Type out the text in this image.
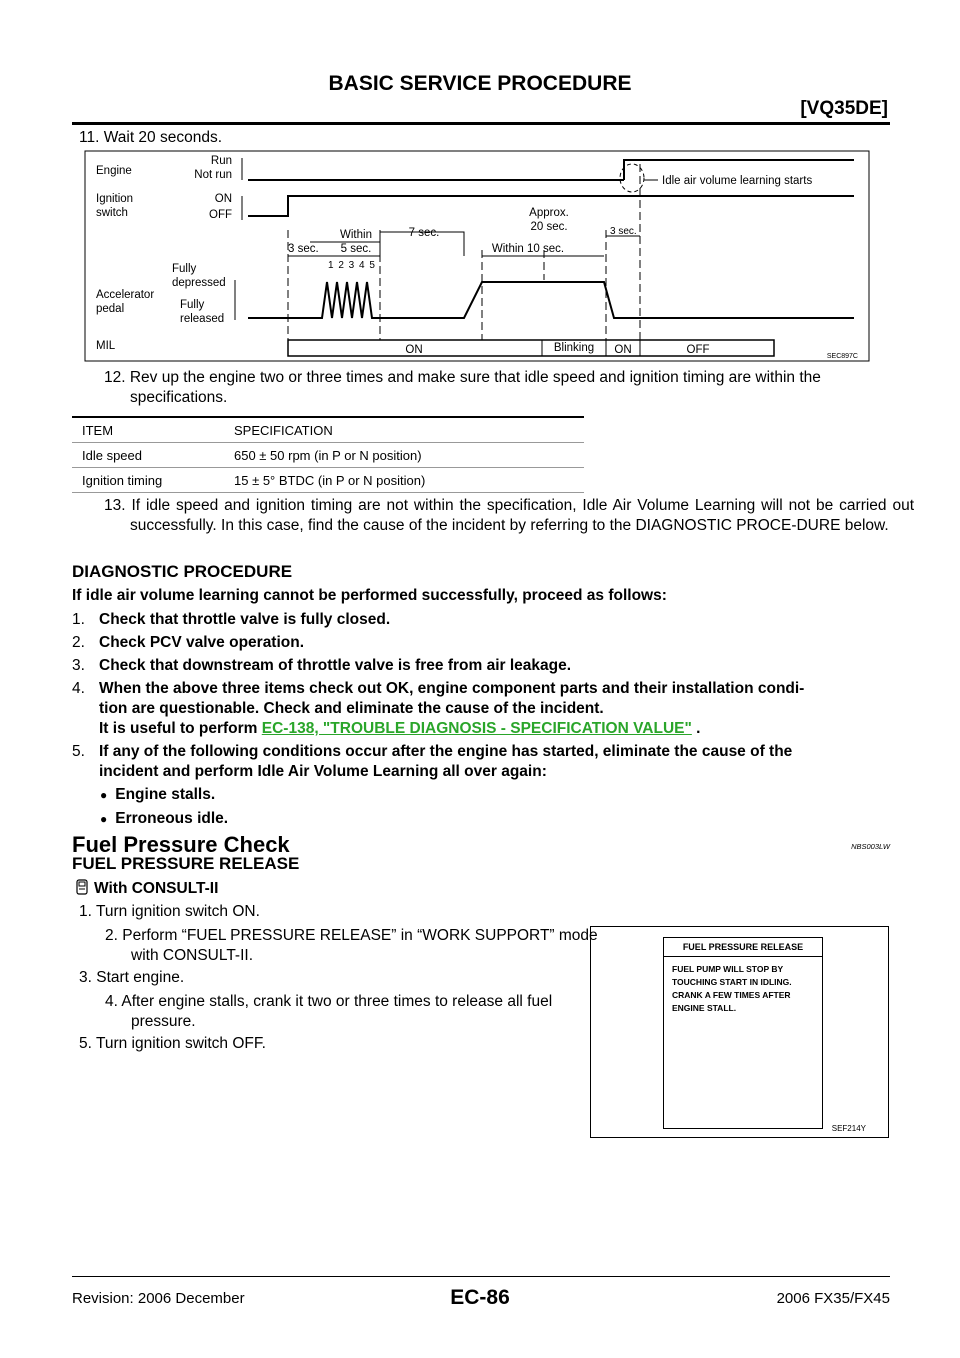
BASIC SERVICE PROCEDURE
[VQ35DE]
11. Wait 20 seconds.
Engine
Run
Not run
Ignition
switch
ON
OFF
Fully
depressed
Fully
released
Accelerator
pedal
MIL	ON	Blinking ON	OFF
SEC897C
Idle air volume learning starts
3 sec.
Within
5 sec.
7 sec.
Approx.
20 sec.
Within 10 sec.
3 sec.
1 2 3 4 5
12. Rev up the engine two or three times and make sure that idle speed and ignition timing are within the specifications.
ITEM	SPECIFICATION
Idle speed	650 ± 50 rpm (in P or N position)
Ignition timing	15 ± 5° BTDC (in P or N position)
13. If idle speed and ignition timing are not within the specification, Idle Air Volume Learning will not be carried out successfully. In this case, find the cause of the incident by referring to the DIAGNOSTIC PROCE-DURE below.
DIAGNOSTIC PROCEDURE
If idle air volume learning cannot be performed successfully, proceed as follows:
1. Check that throttle valve is fully closed.
2. Check PCV valve operation.
3. Check that downstream of throttle valve is free from air leakage.
4. When the above three items check out OK, engine component parts and their installation condi-
tion are questionable. Check and eliminate the cause of the incident.
It is useful to perform EC-138, "TROUBLE DIAGNOSIS - SPECIFICATION VALUE" .
5. If any of the following conditions occur after the engine has started, eliminate the cause of the
incident and perform Idle Air Volume Learning all over again:
● Engine stalls.
● Erroneous idle.
Fuel Pressure Check	NBS003LW
FUEL PRESSURE RELEASE
With CONSULT-II
1. Turn ignition switch ON.
2. Perform “FUEL PRESSURE RELEASE” in “WORK SUPPORT” mode with CONSULT-II.
3. Start engine.
4. After engine stalls, crank it two or three times to release all fuel pressure.
5. Turn ignition switch OFF.
FUEL PRESSURE RELEASE
FUEL PUMP WILL STOP BY
TOUCHING START IN IDLING.
CRANK A FEW TIMES AFTER
ENGINE STALL.
SEF214Y
EC-86
Revision: 2006 December	2006 FX35/FX45
